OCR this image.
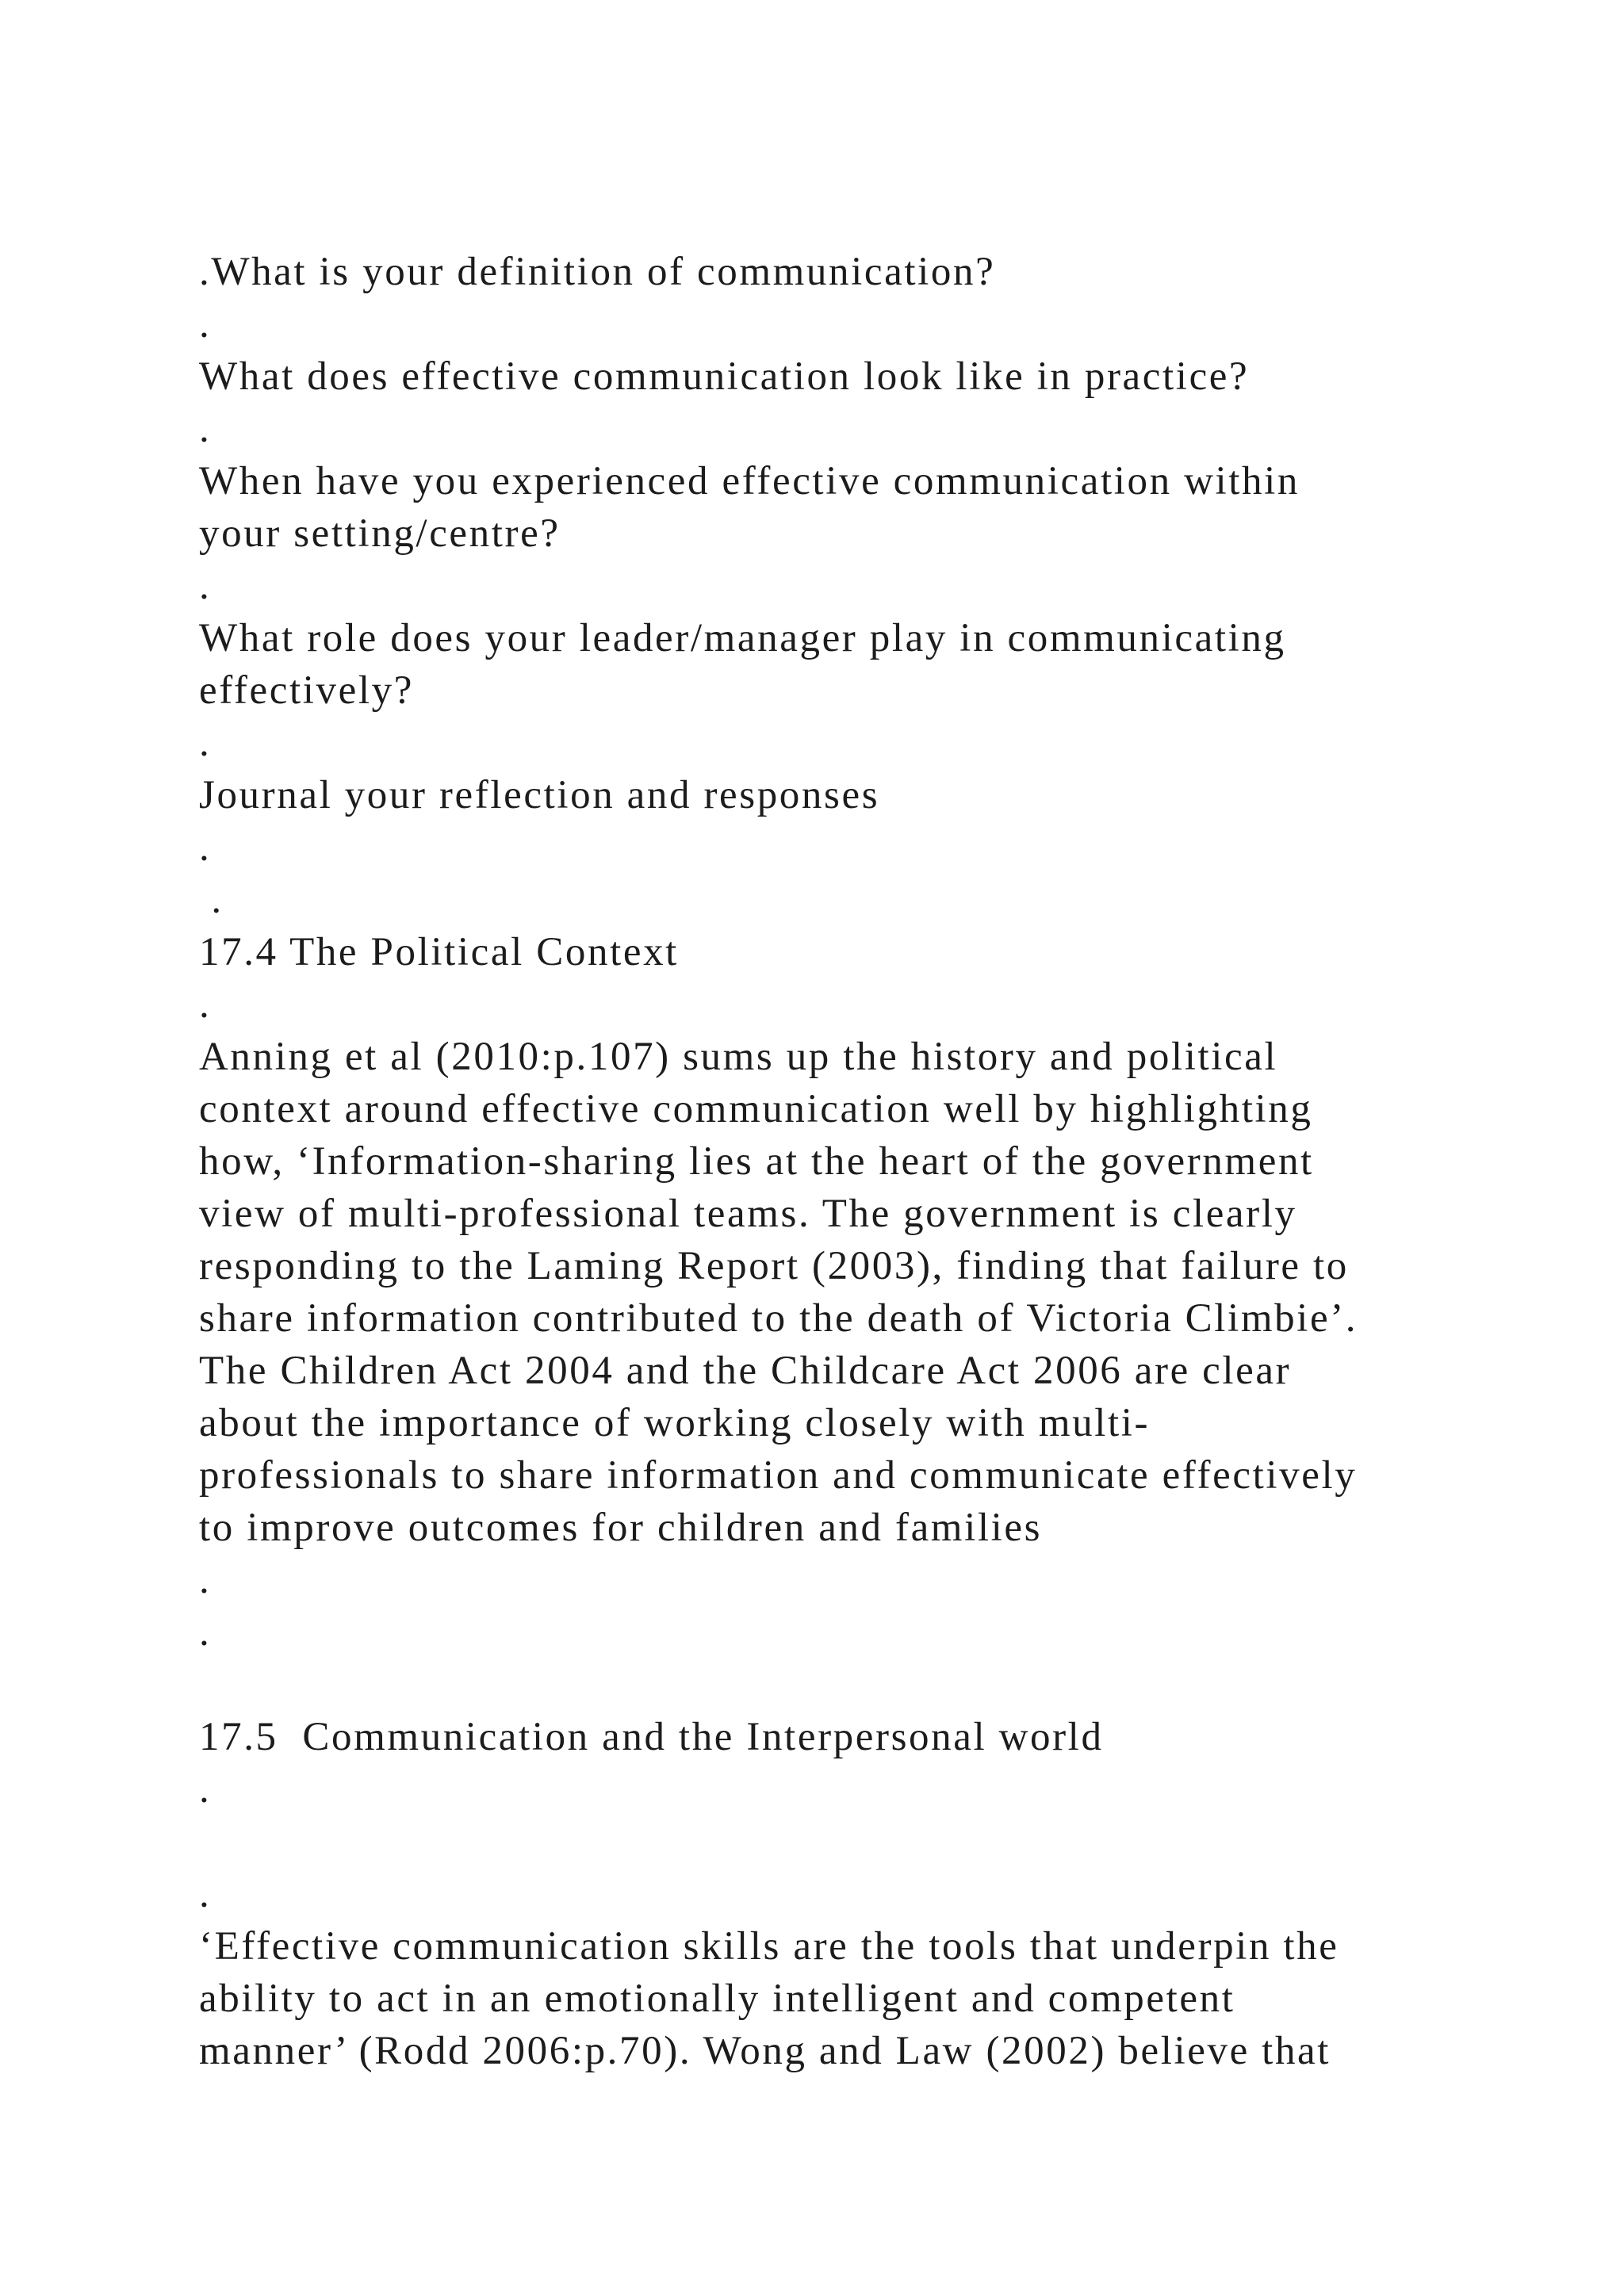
.What is your definition of communication?
.
What does effective communication look like in practice?
.
When have you experienced effective communication within
your setting/centre?
.
What role does your leader/manager play in communicating
effectively?
.
Journal your reflection and responses
.
.
17.4 The Political Context
.
Anning et al (2010:p.107) sums up the history and political
context around effective communication well by highlighting
how, ‘Information-sharing lies at the heart of the government
view of multi-professional teams. The government is clearly
responding to the Laming Report (2003), finding that failure to
share information contributed to the death of Victoria Climbie’.
The Children Act 2004 and the Childcare Act 2006 are clear
about the importance of working closely with multi-
professionals to share information and communicate effectively
to improve outcomes for children and families
.
.
17.5  Communication and the Interpersonal world
.
.
‘Effective communication skills are the tools that underpin the
ability to act in an emotionally intelligent and competent
manner’ (Rodd 2006:p.70). Wong and Law (2002) believe that
